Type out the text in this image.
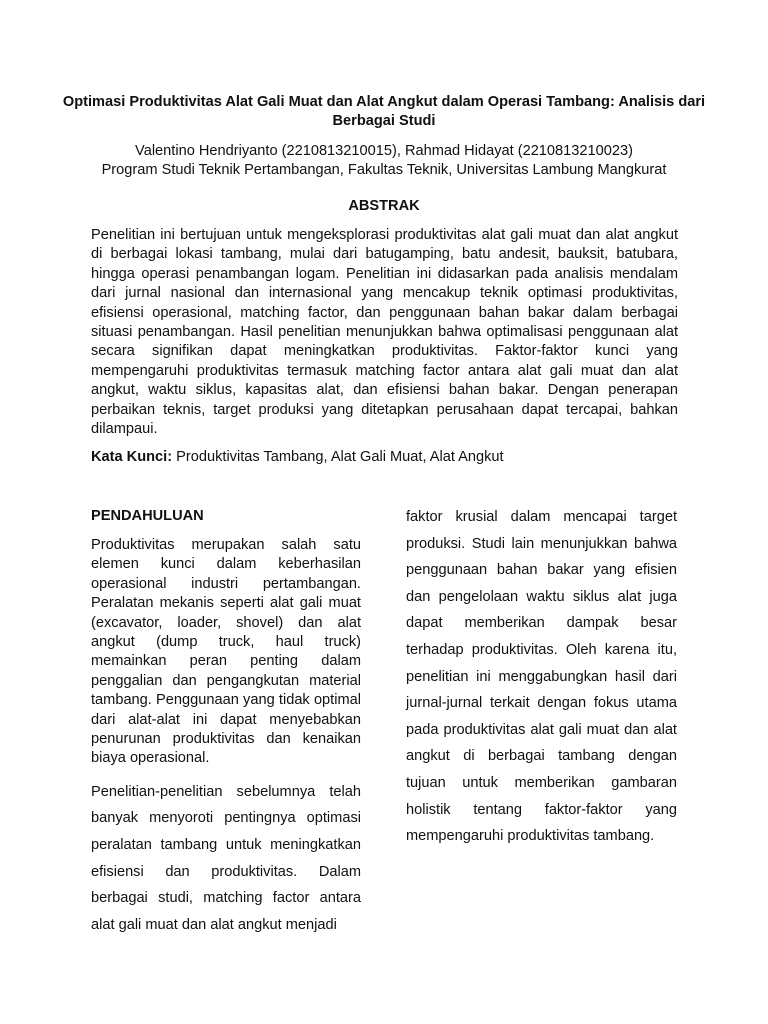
Optimasi Produktivitas Alat Gali Muat dan Alat Angkut dalam Operasi Tambang: Analisis dari Berbagai Studi
Valentino Hendriyanto (2210813210015), Rahmad Hidayat (2210813210023)
Program Studi Teknik Pertambangan, Fakultas Teknik, Universitas Lambung Mangkurat
ABSTRAK

Penelitian ini bertujuan untuk mengeksplorasi produktivitas alat gali muat dan alat angkut di berbagai lokasi tambang, mulai dari batugamping, batu andesit, bauksit, batubara, hingga operasi penambangan logam. Penelitian ini didasarkan pada analisis mendalam dari jurnal nasional dan internasional yang mencakup teknik optimasi produktivitas, efisiensi operasional, matching factor, dan penggunaan bahan bakar dalam berbagai situasi penambangan. Hasil penelitian menunjukkan bahwa optimalisasi penggunaan alat secara signifikan dapat meningkatkan produktivitas. Faktor-faktor kunci yang mempengaruhi produktivitas termasuk matching factor antara alat gali muat dan alat angkut, waktu siklus, kapasitas alat, dan efisiensi bahan bakar. Dengan penerapan perbaikan teknis, target produksi yang ditetapkan perusahaan dapat tercapai, bahkan dilampaui.

Kata Kunci: Produktivitas Tambang, Alat Gali Muat, Alat Angkut

PENDAHULUAN

Produktivitas merupakan salah satu elemen kunci dalam keberhasilan operasional industri pertambangan. Peralatan mekanis seperti alat gali muat (excavator, loader, shovel) dan alat angkut (dump truck, haul truck) memainkan peran penting dalam penggalian dan pengangkutan material tambang. Penggunaan yang tidak optimal dari alat-alat ini dapat menyebabkan penurunan produktivitas dan kenaikan biaya operasional.

Penelitian-penelitian sebelumnya telah banyak menyoroti pentingnya optimasi peralatan tambang untuk meningkatkan efisiensi dan produktivitas. Dalam berbagai studi, matching factor antara alat gali muat dan alat angkut menjadi

faktor krusial dalam mencapai target produksi. Studi lain menunjukkan bahwa penggunaan bahan bakar yang efisien dan pengelolaan waktu siklus alat juga dapat memberikan dampak besar terhadap produktivitas. Oleh karena itu, penelitian ini menggabungkan hasil dari jurnal-jurnal terkait dengan fokus utama pada produktivitas alat gali muat dan alat angkut di berbagai tambang dengan tujuan untuk memberikan gambaran holistik tentang faktor-faktor yang mempengaruhi produktivitas tambang.
